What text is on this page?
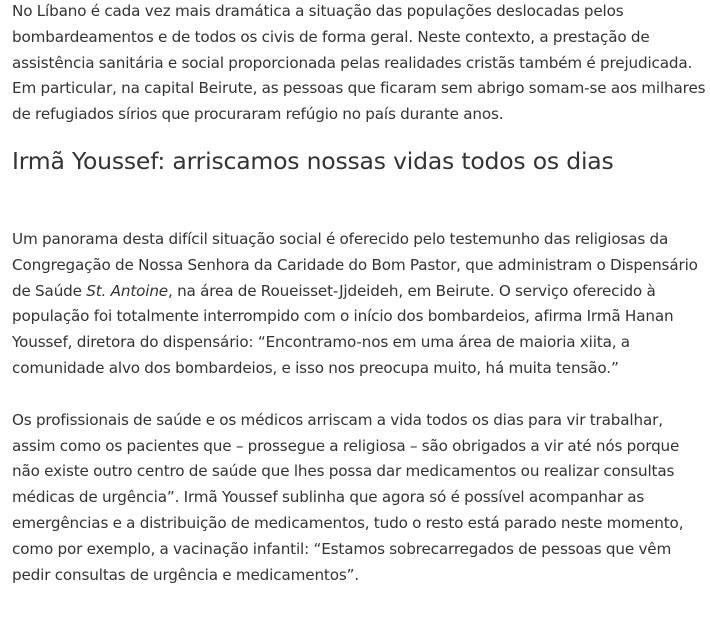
No Líbano é cada vez mais dramática a situação das populações deslocadas pelos bombardeamentos e de todos os civis de forma geral. Neste contexto, a prestação de assistência sanitária e social proporcionada pelas realidades cristãs também é prejudicada. Em particular, na capital Beirute, as pessoas que ficaram sem abrigo somam-se aos milhares de refugiados sírios que procuraram refúgio no país durante anos.

Irmã Youssef: arriscamos nossas vidas todos os dias

Um panorama desta difícil situação social é oferecido pelo testemunho das religiosas da Congregação de Nossa Senhora da Caridade do Bom Pastor, que administram o Dispensário de Saúde St. Antoine, na área de Roueisset-Jjdeideh, em Beirute. O serviço oferecido à população foi totalmente interrompido com o início dos bombardeios, afirma Irmã Hanan Youssef, diretora do dispensário: “Encontramo-nos em uma área de maioria xiita, a comunidade alvo dos bombardeios, e isso nos preocupa muito, há muita tensão.”

Os profissionais de saúde e os médicos arriscam a vida todos os dias para vir trabalhar, assim como os pacientes que – prossegue a religiosa – são obrigados a vir até nós porque não existe outro centro de saúde que lhes possa dar medicamentos ou realizar consultas médicas de urgência”. Irmã Youssef sublinha que agora só é possível acompanhar as emergências e a distribuição de medicamentos, tudo o resto está parado neste momento, como por exemplo, a vacinação infantil: “Estamos sobrecarregados de pessoas que vêm pedir consultas de urgência e medicamentos”.
